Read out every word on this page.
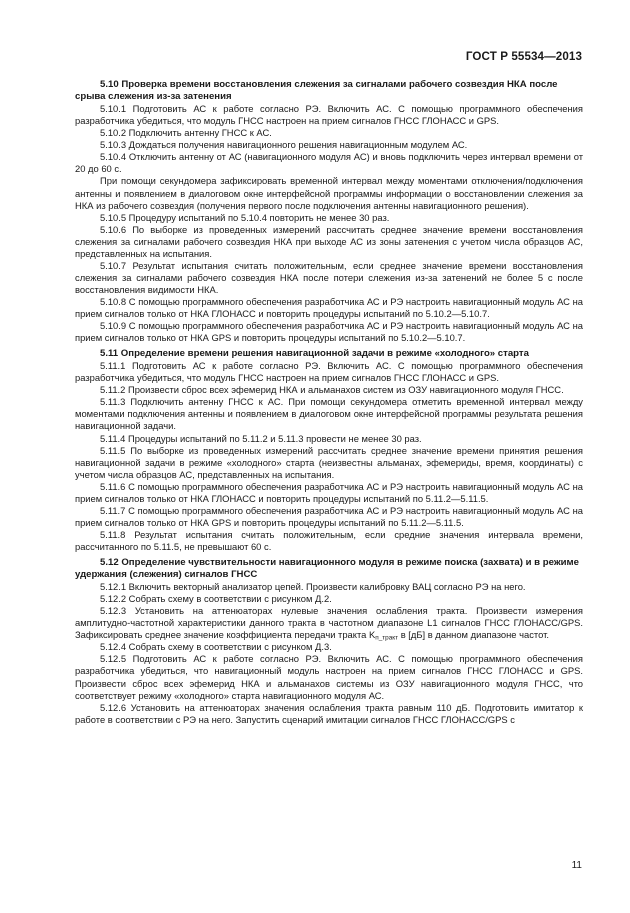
ГОСТ Р 55534—2013

5.10 Проверка времени восстановления слежения за сигналами рабочего созвездия НКА после срыва слежения из-за затенения

5.10.1 Подготовить АС к работе согласно РЭ. Включить АС. С помощью программного обеспечения разработчика убедиться, что модуль ГНСС настроен на прием сигналов ГНСС ГЛОНАСС и GPS.

5.10.2 Подключить антенну ГНСС к АС.

5.10.3 Дождаться получения навигационного решения навигационным модулем АС.

5.10.4 Отключить антенну от АС (навигационного модуля АС) и вновь подключить через интервал времени от 20 до 60 с.

При помощи секундомера зафиксировать временной интервал между моментами отключения/подключения антенны и появлением в диалоговом окне интерфейсной программы информации о восстановлении слежения за НКА из рабочего созвездия (получения первого после подключения антенны навигационного решения).

5.10.5 Процедуру испытаний по 5.10.4 повторить не менее 30 раз.

5.10.6 По выборке из проведенных измерений рассчитать среднее значение времени восстановления слежения за сигналами рабочего созвездия НКА при выходе АС из зоны затенения с учетом числа образцов АС, представленных на испытания.

5.10.7 Результат испытания считать положительным, если среднее значение времени восстановления слежения за сигналами рабочего созвездия НКА после потери слежения из-за затенений не более 5 с после восстановления видимости НКА.

5.10.8 С помощью программного обеспечения разработчика АС и РЭ настроить навигационный модуль АС на прием сигналов только от НКА ГЛОНАСС и повторить процедуры испытаний по 5.10.2—5.10.7.

5.10.9 С помощью программного обеспечения разработчика АС и РЭ настроить навигационный модуль АС на прием сигналов только от НКА GPS и повторить процедуры испытаний по 5.10.2—5.10.7.

5.11 Определение времени решения навигационной задачи в режиме «холодного» старта

5.11.1 Подготовить АС к работе согласно РЭ. Включить АС. С помощью программного обеспечения разработчика убедиться, что модуль ГНСС настроен на прием сигналов ГНСС ГЛОНАСС и GPS.

5.11.2 Произвести сброс всех эфемерид НКА и альманахов систем из ОЗУ навигационного модуля ГНСС.

5.11.3 Подключить антенну ГНСС к АС. При помощи секундомера отметить временной интервал между моментами подключения антенны и появлением в диалоговом окне интерфейсной программы результата решения навигационной задачи.

5.11.4 Процедуры испытаний по 5.11.2 и 5.11.3 провести не менее 30 раз.

5.11.5 По выборке из проведенных измерений рассчитать среднее значение времени принятия решения навигационной задачи в режиме «холодного» старта (неизвестны альманах, эфемериды, время, координаты) с учетом числа образцов АС, представленных на испытания.

5.11.6 С помощью программного обеспечения разработчика АС и РЭ настроить навигационный модуль АС на прием сигналов только от НКА ГЛОНАСС и повторить процедуры испытаний по 5.11.2—5.11.5.

5.11.7 С помощью программного обеспечения разработчика АС и РЭ настроить навигационный модуль АС на прием сигналов только от НКА GPS и повторить процедуры испытаний по 5.11.2—5.11.5.

5.11.8 Результат испытания считать положительным, если средние значения интервала времени, рассчитанного по 5.11.5, не превышают 60 с.

5.12 Определение чувствительности навигационного модуля в режиме поиска (захвата) и в режиме удержания (слежения) сигналов ГНСС

5.12.1 Включить векторный анализатор цепей. Произвести калибровку ВАЦ согласно РЭ на него.

5.12.2 Собрать схему в соответствии с рисунком Д.2.

5.12.3 Установить на аттенюаторах нулевые значения ослабления тракта. Произвести измерения амплитудно-частотной характеристики данного тракта в частотном диапазоне L1 сигналов ГНСС ГЛОНАСС/GPS. Зафиксировать среднее значение коэффициента передачи тракта $K_{п\_тракт}$ в [дБ] в данном диапазоне частот.

5.12.4 Собрать схему в соответствии с рисунком Д.3.

5.12.5 Подготовить АС к работе согласно РЭ. Включить АС. С помощью программного обеспечения разработчика убедиться, что навигационный модуль настроен на прием сигналов ГНСС ГЛОНАСС и GPS. Произвести сброс всех эфемерид НКА и альманахов системы из ОЗУ навигационного модуля ГНСС, что соответствует режиму «холодного» старта навигационного модуля АС.

5.12.6 Установить на аттенюаторах значения ослабления тракта равным 110 дБ. Подготовить имитатор к работе в соответствии с РЭ на него. Запустить сценарий имитации сигналов ГНСС ГЛОНАСС/GPS с

11
